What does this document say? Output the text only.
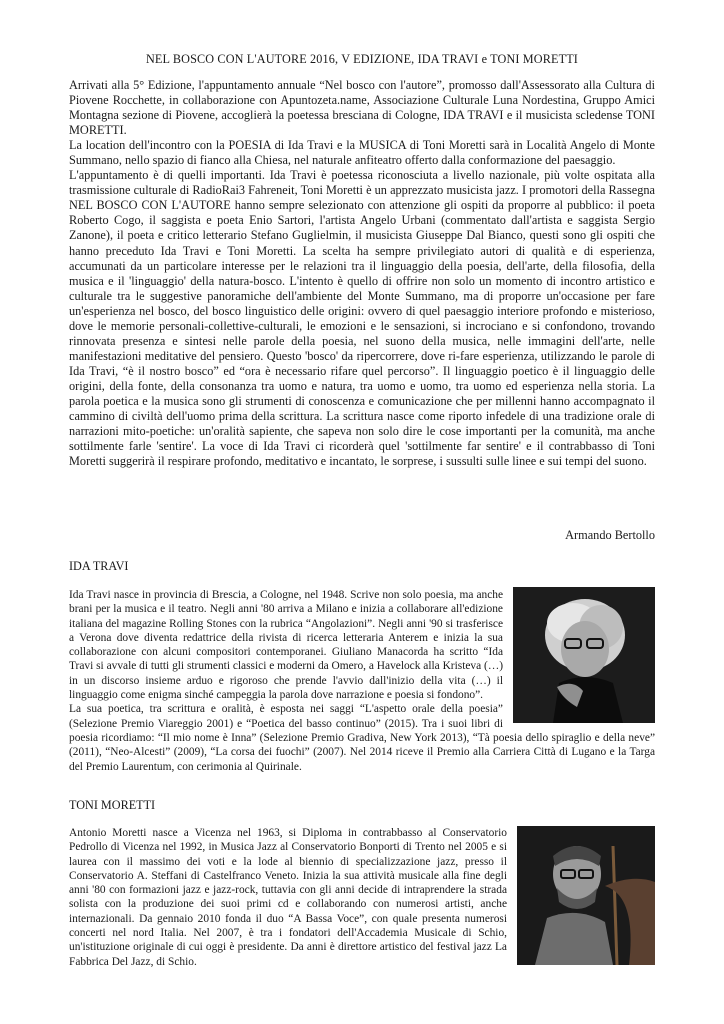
NEL BOSCO CON L'AUTORE 2016, V EDIZIONE, IDA TRAVI e TONI MORETTI

Arrivati alla 5° Edizione, l'appuntamento annuale “Nel bosco con l'autore”, promosso dall'Assessorato alla Cultura di Piovene Rocchette, in collaborazione con Apuntozeta.name, Associazione Culturale Luna Nordestina, Gruppo Amici Montagna sezione di Piovene, accoglierà la poetessa bresciana di Cologne, IDA TRAVI e il musicista scledense TONI MORETTI.

La location dell'incontro con la POESIA di Ida Travi e la MUSICA di Toni Moretti sarà in Località Angelo di Monte Summano, nello spazio di fianco alla Chiesa, nel naturale anfiteatro offerto dalla conformazione del paesaggio.

L'appuntamento è di quelli importanti. Ida Travi è poetessa riconosciuta a livello nazionale, più volte ospitata alla trasmissione culturale di RadioRai3 Fahreneit, Toni Moretti è un apprezzato musicista jazz. I promotori della Rassegna NEL BOSCO CON L'AUTORE hanno sempre selezionato con attenzione gli ospiti da proporre al pubblico: il poeta Roberto Cogo, il saggista e poeta Enio Sartori, l'artista Angelo Urbani (commentato dall'artista e saggista Sergio Zanone), il poeta e critico letterario Stefano Guglielmin, il musicista Giuseppe Dal Bianco, questi sono gli ospiti che hanno preceduto Ida Travi e Toni Moretti. La scelta ha sempre privilegiato autori di qualità e di esperienza, accumunati da un particolare interesse per le relazioni tra il linguaggio della poesia, dell'arte, della filosofia, della musica e il 'linguaggio' della natura-bosco. L'intento è quello di offrire non solo un momento di incontro artistico e culturale tra le suggestive panoramiche dell'ambiente del Monte Summano, ma di proporre un'occasione per fare un'esperienza nel bosco, del bosco linguistico delle origini: ovvero di quel paesaggio interiore profondo e misterioso, dove le memorie personali-collettive-culturali, le emozioni e le sensazioni, si incrociano e si confondono, trovando rinnovata presenza e sintesi nelle parole della poesia, nel suono della musica, nelle immagini dell'arte, nelle manifestazioni meditative del pensiero. Questo 'bosco' da ripercorrere, dove ri-fare esperienza, utilizzando le parole di Ida Travi, “è il nostro bosco” ed “ora è necessario rifare quel percorso”. Il linguaggio poetico è il linguaggio delle origini, della fonte, della consonanza tra uomo e natura, tra uomo e uomo, tra uomo ed esperienza nella storia. La parola poetica e la musica sono gli strumenti di conoscenza e comunicazione che per millenni hanno accompagnato il cammino di civiltà dell'uomo prima della scrittura. La scrittura nasce come riporto infedele di una tradizione orale di narrazioni mito-poetiche: un'oralità sapiente, che sapeva non solo dire le cose importanti per la comunità, ma anche sottilmente farle 'sentire'. La voce di Ida Travi ci ricorderà quel 'sottilmente far sentire' e il contrabbasso di Toni Moretti suggerirà il respirare profondo, meditativo e incantato, le sorprese, i sussulti sulle linee e sui tempi del suono.

Armando Bertollo
IDA TRAVI

Ida Travi nasce in provincia di Brescia, a Cologne, nel 1948. Scrive non solo poesia, ma anche brani per la musica e il teatro. Negli anni '80 arriva a Milano e inizia a collaborare all'edizione italiana del magazine Rolling Stones con la rubrica “Angolazioni”. Negli anni '90 si trasferisce a Verona dove diventa redattrice della rivista di ricerca letteraria Anterem e inizia la sua collaborazione con alcuni compositori contemporanei. Giuliano Manacorda ha scritto “Ida Travi si avvale di tutti gli strumenti classici e moderni da Omero, a Havelock alla Kristeva (…) in un discorso insieme arduo e rigoroso che prende l'avvio dall'inizio della vita (…) il linguaggio come enigma sinché campeggia la parola dove narrazione e poesia si fondono”.

La sua poetica, tra scrittura e oralità, è esposta nei saggi “L'aspetto orale della poesia” (Selezione Premio Viareggio 2001) e “Poetica del basso continuo” (2015). Tra i suoi libri di poesia ricordiamo: “Il mio nome è Inna” (Selezione Premio Gradiva, New York 2013), “Tà poesia dello spiraglio e della neve” (2011), “Neo-Alcesti” (2009), “La corsa dei fuochi” (2007). Nel 2014 riceve il Premio alla Carriera Città di Lugano e la Targa del Premio Laurentum, con cerimonia al Quirinale.

TONI MORETTI

Antonio Moretti nasce a Vicenza nel 1963, si Diploma in contrabbasso al Conservatorio Pedrollo di Vicenza nel 1992, in Musica Jazz al Conservatorio Bonporti di Trento nel 2005 e si laurea con il massimo dei voti e la lode al biennio di specializzazione jazz, presso il Conservatorio A. Steffani di Castelfranco Veneto. Inizia la sua attività musicale alla fine degli anni '80 con formazioni jazz e jazz-rock, tuttavia con gli anni decide di intraprendere la strada solista con la produzione dei suoi primi cd e collaborando con numerosi artisti, anche internazionali. Da gennaio 2010 fonda il duo “A Bassa Voce”, con quale presenta numerosi concerti nel nord Italia. Nel 2007, è tra i fondatori dell'Accademia Musicale di Schio, un'istituzione originale di cui oggi è presidente. Da anni è direttore artistico del festival jazz La Fabbrica Del Jazz, di Schio.
